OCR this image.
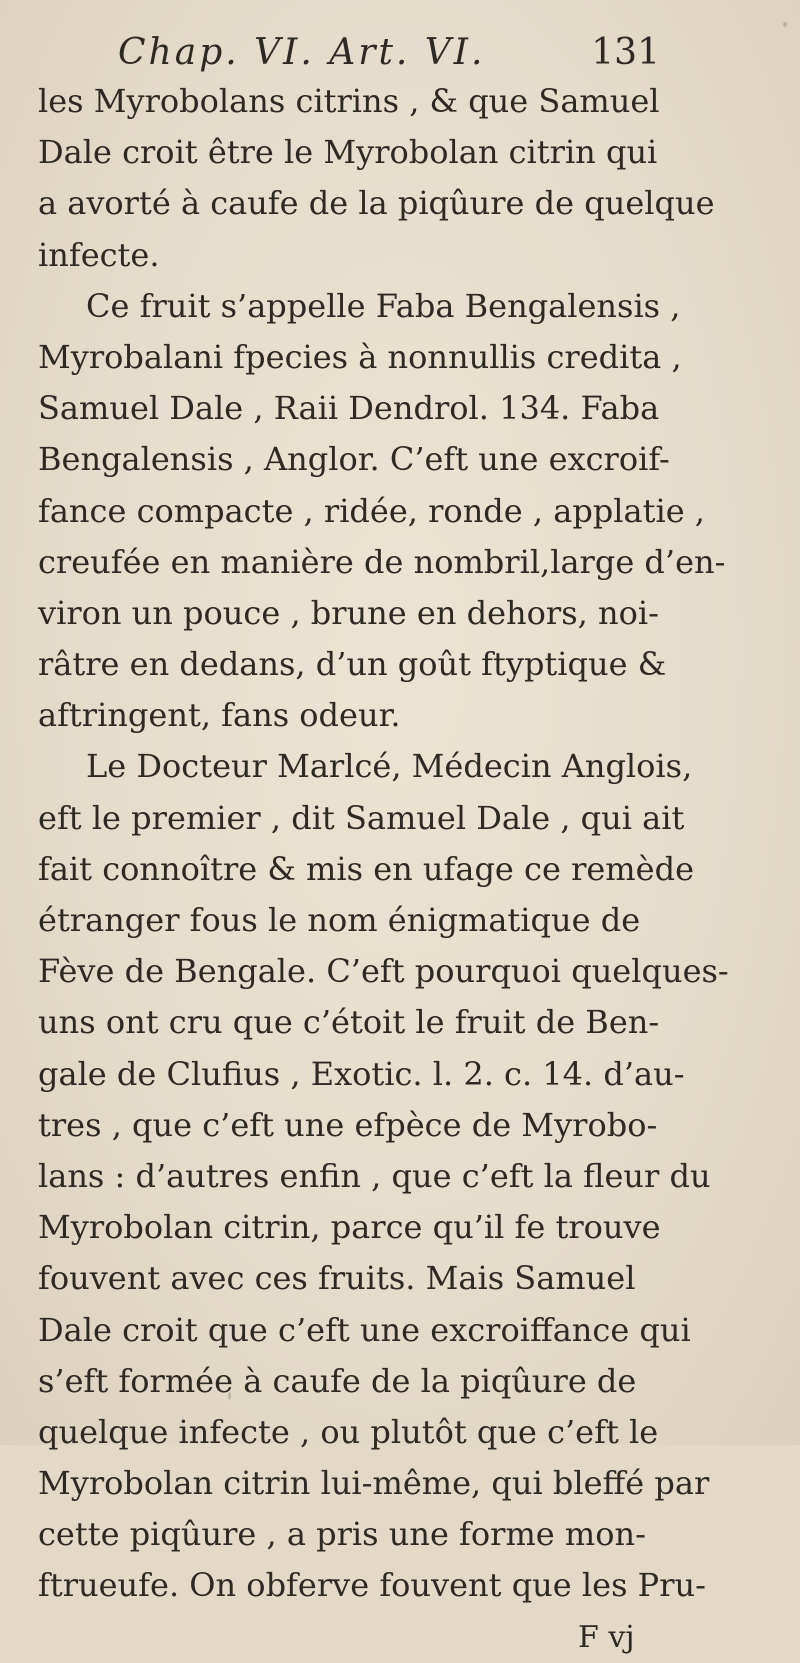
Chap. VI. Art. VI.	131
les Myrobolans citrins , & que Samuel
Dale croit être le Myrobolan citrin qui
a avorté à caufe de la piqûure de quelque
infecte.
Ce fruit s’appelle Faba Bengalensis ,
Myrobalani fpecies à nonnullis credita ,
Samuel Dale , Raii Dendrol. 134. Faba
Bengalensis , Anglor. C’eft une excroif-
fance compacte , ridée, ronde , applatie ,
creufée en manière de nombril,large d’en-
viron un pouce , brune en dehors, noi-
râtre en dedans, d’un goût ftyptique &
aftringent, fans odeur.
Le Docteur Marlcé, Médecin Anglois,
eft le premier , dit Samuel Dale , qui ait
fait connoître & mis en ufage ce remède
étranger fous le nom énigmatique de
Fève de Bengale. C’eft pourquoi quelques-
uns ont cru que c’étoit le fruit de Ben-
gale de Clufius , Exotic. l. 2. c. 14. d’au-
tres , que c’eft une efpèce de Myrobo-
lans : d’autres enfin , que c’eft la fleur du
Myrobolan citrin, parce qu’il fe trouve
fouvent avec ces fruits. Mais Samuel
Dale croit que c’eft une excroiffance qui
s’eft formée à caufe de la piqûure de
quelque infecte , ou plutôt que c’eft le
Myrobolan citrin lui-même, qui bleffé par
cette piqûure , a pris une forme mon-
ftrueufe. On obferve fouvent que les Pru-
F vj
